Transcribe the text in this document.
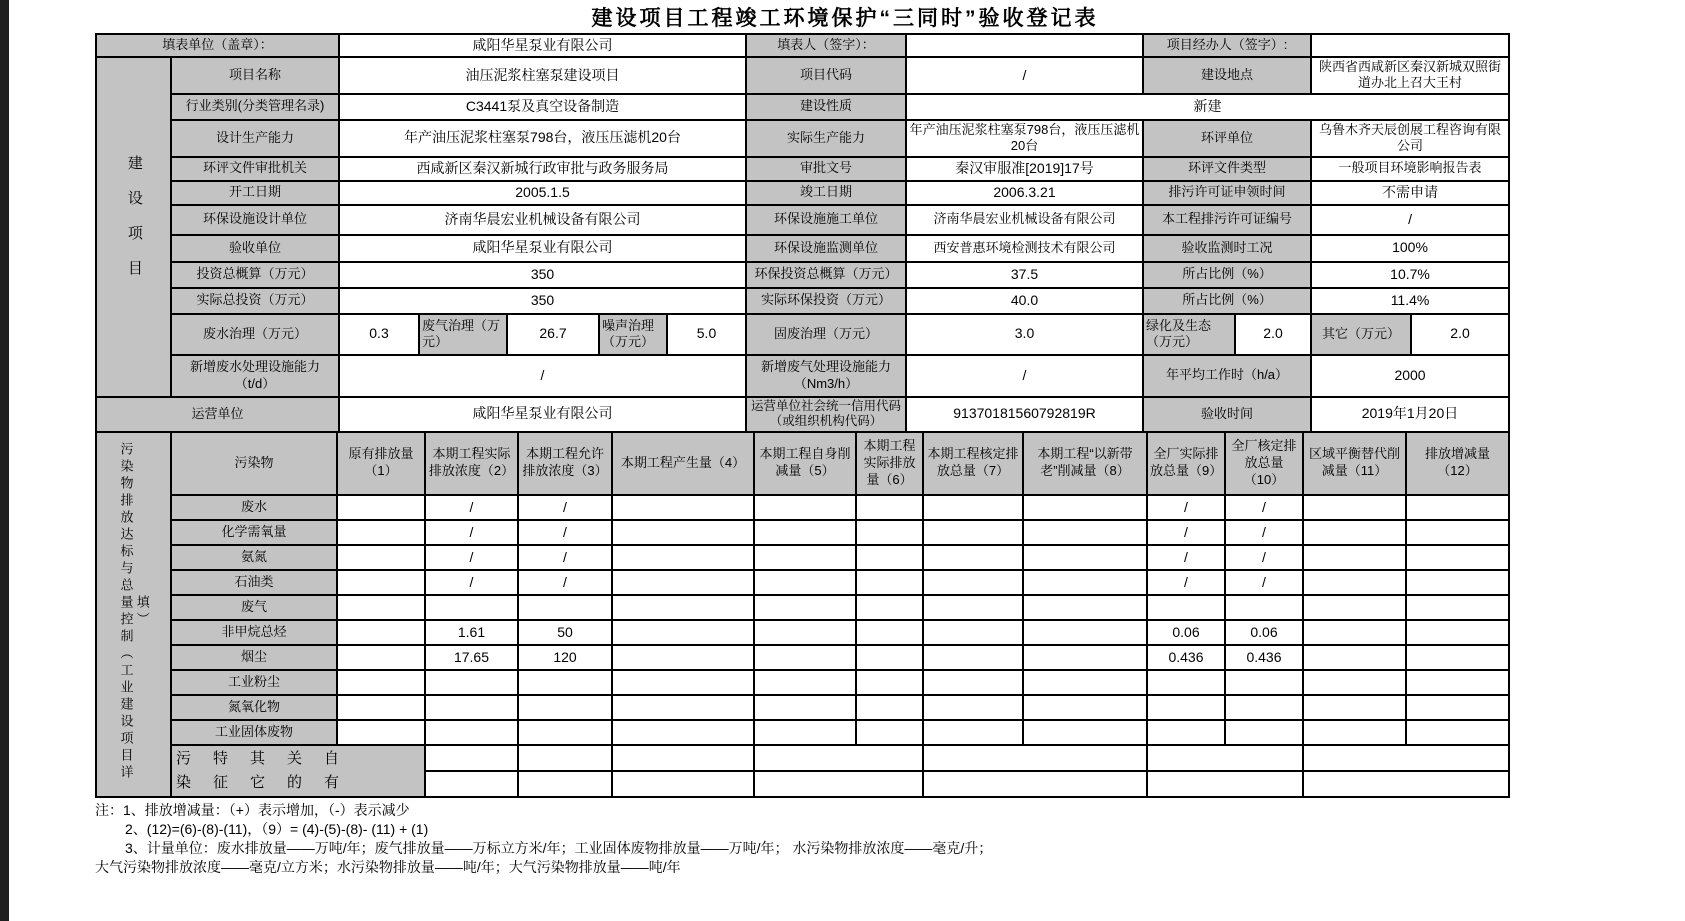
建设项目工程竣工环境保护“三同时”验收登记表
填表单位（盖章）：	咸阳华星泵业有限公司	填表人（签字）：		项目经办人（签字）:	
建设项目	项目名称	油压泥浆柱塞泵建设项目					项目代码	/	建设地点		陕西省西咸新区秦汉新城双照街道办北上召大王村	
	行业类别(分类管理名录)	C3441泵及真空设备制造					建设性质	新建				
	设计生产能力	年产油压泥浆柱塞泵798台，液压压滤机20台					实际生产能力	年产油压泥浆柱塞泵798台，液压压滤机20台	环评单位		乌鲁木齐天辰创展工程咨询有限公司	
	环评文件审批机关	西咸新区秦汉新城行政审批与政务服务局					审批文号	秦汉审服准[2019]17号	环评文件类型		一般项目环境影响报告表	
	开工日期	2005.1.5					竣工日期	2006.3.21	排污许可证申领时间		不需申请	
	环保设施设计单位	济南华晨宏业机械设备有限公司					环保设施施工单位	济南华晨宏业机械设备有限公司	本工程排污许可证编号		/	
	验收单位	咸阳华星泵业有限公司					环保设施监测单位	西安普惠环境检测技术有限公司	验收监测时工况		100%	
	投资总概算（万元）	350					环保投资总概算（万元）	37.5	所占比例（%）		10.7%	
	实际总投资（万元）	350					实际环保投资（万元）	40.0	所占比例（%）		11.4%	
	废水治理（万元）	0.3	废气治理（万元）	26.7	噪声治理（万元）	5.0	固废治理（万元）	3.0	绿化及生态（万元）	2.0	其它（万元）	2.0
	新增废水处理设施能力（t/d）	/					新增废气处理设施能力（Nm3/h）	/	年平均工作时（h/a）		2000	
运营单位	咸阳华星泵业有限公司	运营单位社会统一信用代码（或组织机构代码）	91370181560792819R	验收时间	2019年1月20日
污染物排放达标与总量控制（工业建设项目详填）	污染物	原有排放量（1）	本期工程实际排放浓度（2）	本期工程允许排放浓度（3）	本期工程产生量（4）	本期工程自身削减量（5）	本期工程实际排放量（6）	本期工程核定排放总量（7）	本期工程“以新带老”削减量（8）	全厂实际排放总量（9）	全厂核定排放总量（10）	区域平衡替代削减量（11）	排放增减量（12）
	废水		/	/						/	/		
	化学需氧量		/	/						/	/		
	氨氮		/	/						/	/		
	石油类		/	/						/	/		
	废气												
	非甲烷总烃		1.61	50						0.06	0.06		
	烟尘		17.65	120						0.436	0.436		
	工业粉尘												
	氮氧化物												
	工业固体废物												

	污特其关自
染征它的有												

注：1、排放增减量：（+）表示增加，（-）表示减少
2、(12)=(6)-(8)-(11)，（9）= (4)-(5)-(8)- (11) + (1)
3、计量单位：废水排放量——万吨/年；废气排放量——万标立方米/年；工业固体废物排放量——万吨/年； 水污染物排放浓度——毫克/升；
大气污染物排放浓度——毫克/立方米；水污染物排放量——吨/年；大气污染物排放量——吨/年
